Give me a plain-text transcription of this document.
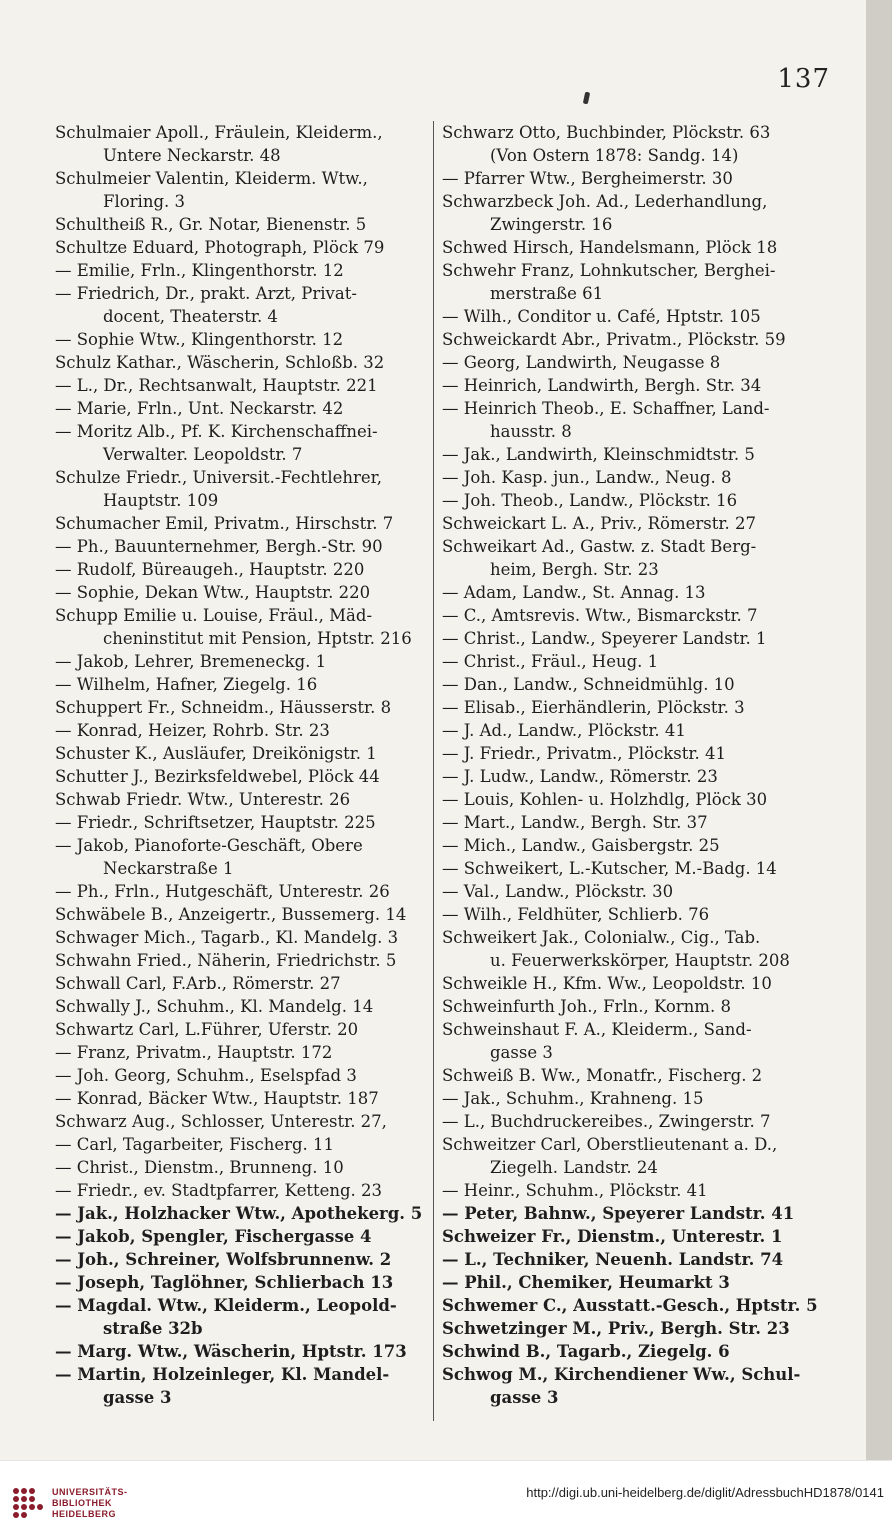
137
Schulmaier Apoll., Fräulein, Kleiderm.,
Untere Neckarstr. 48
Schulmeier Valentin, Kleiderm. Wtw.,
Floring. 3
Schultheiß R., Gr. Notar, Bienenstr. 5
Schultze Eduard, Photograph, Plöck 79
— Emilie, Frln., Klingenthorstr. 12
— Friedrich, Dr., prakt. Arzt, Privat-
docent, Theaterstr. 4
— Sophie Wtw., Klingenthorstr. 12
Schulz Kathar., Wäscherin, Schloßb. 32
— L., Dr., Rechtsanwalt, Hauptstr. 221
— Marie, Frln., Unt. Neckarstr. 42
— Moritz Alb., Pf. K. Kirchenschaffnei-
Verwalter. Leopoldstr. 7
Schulze Friedr., Universit.-Fechtlehrer,
Hauptstr. 109
Schumacher Emil, Privatm., Hirschstr. 7
— Ph., Bauunternehmer, Bergh.-Str. 90
— Rudolf, Büreaugeh., Hauptstr. 220
— Sophie, Dekan Wtw., Hauptstr. 220
Schupp Emilie u. Louise, Fräul., Mäd-
cheninstitut mit Pension, Hptstr. 216
— Jakob, Lehrer, Bremeneckg. 1
— Wilhelm, Hafner, Ziegelg. 16
Schuppert Fr., Schneidm., Häusserstr. 8
— Konrad, Heizer, Rohrb. Str. 23
Schuster K., Ausläufer, Dreikönigstr. 1
Schutter J., Bezirksfeldwebel, Plöck 44
Schwab Friedr. Wtw., Unterestr. 26
— Friedr., Schriftsetzer, Hauptstr. 225
— Jakob, Pianoforte-Geschäft, Obere
Neckarstraße 1
— Ph., Frln., Hutgeschäft, Unterestr. 26
Schwäbele B., Anzeigertr., Bussemerg. 14
Schwager Mich., Tagarb., Kl. Mandelg. 3
Schwahn Fried., Näherin, Friedrichstr. 5
Schwall Carl, F.Arb., Römerstr. 27
Schwally J., Schuhm., Kl. Mandelg. 14
Schwartz Carl, L.Führer, Uferstr. 20
— Franz, Privatm., Hauptstr. 172
— Joh. Georg, Schuhm., Eselspfad 3
— Konrad, Bäcker Wtw., Hauptstr. 187
Schwarz Aug., Schlosser, Unterestr. 27,
— Carl, Tagarbeiter, Fischerg. 11
— Christ., Dienstm., Brunneng. 10
— Friedr., ev. Stadtpfarrer, Ketteng. 23
— Jak., Holzhacker Wtw., Apothekerg. 5
— Jakob, Spengler, Fischergasse 4
— Joh., Schreiner, Wolfsbrunnenw. 2
— Joseph, Taglöhner, Schlierbach 13
— Magdal. Wtw., Kleiderm., Leopold-
straße 32b
— Marg. Wtw., Wäscherin, Hptstr. 173
— Martin, Holzeinleger, Kl. Mandel-
gasse 3
Schwarz Otto, Buchbinder, Plöckstr. 63
(Von Ostern 1878: Sandg. 14)
— Pfarrer Wtw., Bergheimerstr. 30
Schwarzbeck Joh. Ad., Lederhandlung,
Zwingerstr. 16
Schwed Hirsch, Handelsmann, Plöck 18
Schwehr Franz, Lohnkutscher, Berghei-
merstraße 61
— Wilh., Conditor u. Café, Hptstr. 105
Schweickardt Abr., Privatm., Plöckstr. 59
— Georg, Landwirth, Neugasse 8
— Heinrich, Landwirth, Bergh. Str. 34
— Heinrich Theob., E. Schaffner, Land-
hausstr. 8
— Jak., Landwirth, Kleinschmidtstr. 5
— Joh. Kasp. jun., Landw., Neug. 8
— Joh. Theob., Landw., Plöckstr. 16
Schweickart L. A., Priv., Römerstr. 27
Schweikart Ad., Gastw. z. Stadt Berg-
heim, Bergh. Str. 23
— Adam, Landw., St. Annag. 13
— C., Amtsrevis. Wtw., Bismarckstr. 7
— Christ., Landw., Speyerer Landstr. 1
— Christ., Fräul., Heug. 1
— Dan., Landw., Schneidmühlg. 10
— Elisab., Eierhändlerin, Plöckstr. 3
— J. Ad., Landw., Plöckstr. 41
— J. Friedr., Privatm., Plöckstr. 41
— J. Ludw., Landw., Römerstr. 23
— Louis, Kohlen- u. Holzhdlg, Plöck 30
— Mart., Landw., Bergh. Str. 37
— Mich., Landw., Gaisbergstr. 25
— Schweikert, L.-Kutscher, M.-Badg. 14
— Val., Landw., Plöckstr. 30
— Wilh., Feldhüter, Schlierb. 76
Schweikert Jak., Colonialw., Cig., Tab.
u. Feuerwerkskörper, Hauptstr. 208
Schweikle H., Kfm. Ww., Leopoldstr. 10
Schweinfurth Joh., Frln., Kornm. 8
Schweinshaut F. A., Kleiderm., Sand-
gasse 3
Schweiß B. Ww., Monatfr., Fischerg. 2
— Jak., Schuhm., Krahneng. 15
— L., Buchdruckereibes., Zwingerstr. 7
Schweitzer Carl, Oberstlieutenant a. D.,
Ziegelh. Landstr. 24
— Heinr., Schuhm., Plöckstr. 41
— Peter, Bahnw., Speyerer Landstr. 41
Schweizer Fr., Dienstm., Unterestr. 1
— L., Techniker, Neuenh. Landstr. 74
— Phil., Chemiker, Heumarkt 3
Schwemer C., Ausstatt.-Gesch., Hptstr. 5
Schwetzinger M., Priv., Bergh. Str. 23
Schwind B., Tagarb., Ziegelg. 6
Schwog M., Kirchendiener Ww., Schul-
gasse 3
UNIVERSITÄTS-
BIBLIOTHEK
HEIDELBERG
http://digi.ub.uni-heidelberg.de/diglit/AdressbuchHD1878/0141
